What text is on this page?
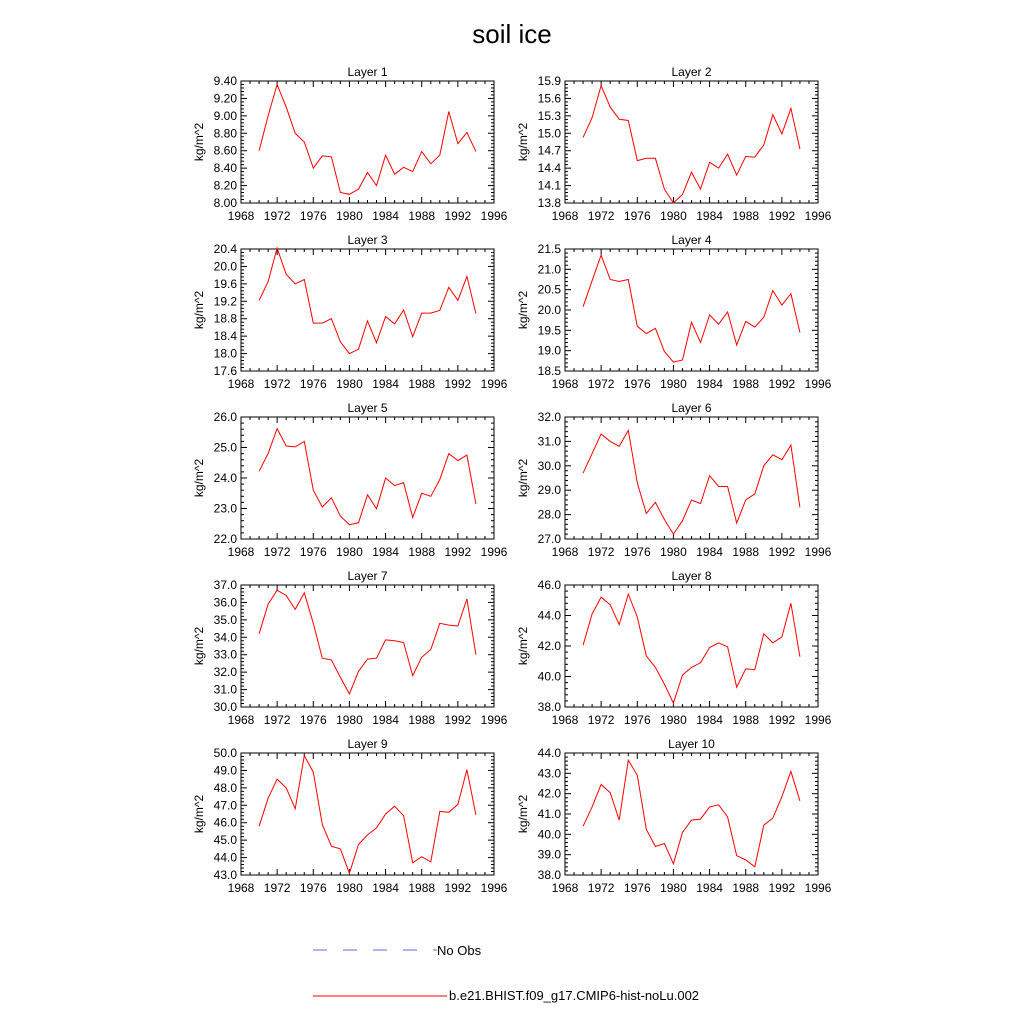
soil ice
Layer 1
1968 1972 1976 1980 1984 1988 1992 1996
8.00
8.20
8.40
8.60
8.80
9.00
9.20
9.40
kg/m^2
Layer 2
1968 1972 1976 1980 1984 1988 1992 1996
13.8
14.1
14.4
14.7
15.0
15.3
15.6
15.9
kg/m^2
Layer 3
1968 1972 1976 1980 1984 1988 1992 1996
17.6
18.0
18.4
18.8
19.2
19.6
20.0
20.4
kg/m^2
Layer 4
1968 1972 1976 1980 1984 1988 1992 1996
18.5
19.0
19.5
20.0
20.5
21.0
21.5
kg/m^2
Layer 5
1968 1972 1976 1980 1984 1988 1992 1996
22.0
23.0
24.0
25.0
26.0
kg/m^2
Layer 6
1968 1972 1976 1980 1984 1988 1992 1996
27.0
28.0
29.0
30.0
31.0
32.0
kg/m^2
Layer 7
1968 1972 1976 1980 1984 1988 1992 1996
30.0
31.0
32.0
33.0
34.0
35.0
36.0
37.0
kg/m^2
Layer 8
1968 1972 1976 1980 1984 1988 1992 1996
38.0
40.0
42.0
44.0
46.0
kg/m^2
Layer 9
1968 1972 1976 1980 1984 1988 1992 1996
43.0
44.0
45.0
46.0
47.0
48.0
49.0
50.0
kg/m^2
Layer 10
1968 1972 1976 1980 1984 1988 1992 1996
38.0
39.0
40.0
41.0
42.0
43.0
44.0
kg/m^2
No Obs
b.e21.BHIST.f09_g17.CMIP6-hist-noLu.002
